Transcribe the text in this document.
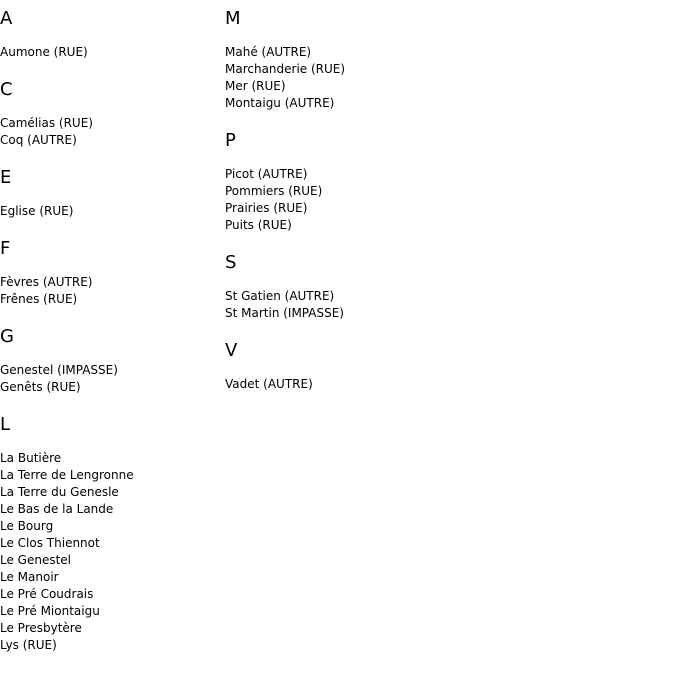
A
Aumone (RUE)
C
Camélias (RUE)
Coq (AUTRE)
E
Eglise (RUE)
F
Fèvres (AUTRE)
Frênes (RUE)
G
Genestel (IMPASSE)
Genêts (RUE)
L
La Butière
La Terre de Lengronne
La Terre du Genesle
Le Bas de la Lande
Le Bourg
Le Clos Thiennot
Le Genestel
Le Manoir
Le Pré Coudrais
Le Pré Miontaigu
Le Presbytère
Lys (RUE)
M
Mahé (AUTRE)
Marchanderie (RUE)
Mer (RUE)
Montaigu (AUTRE)
P
Picot (AUTRE)
Pommiers (RUE)
Prairies (RUE)
Puits (RUE)
S
St Gatien (AUTRE)
St Martin (IMPASSE)
V
Vadet (AUTRE)
